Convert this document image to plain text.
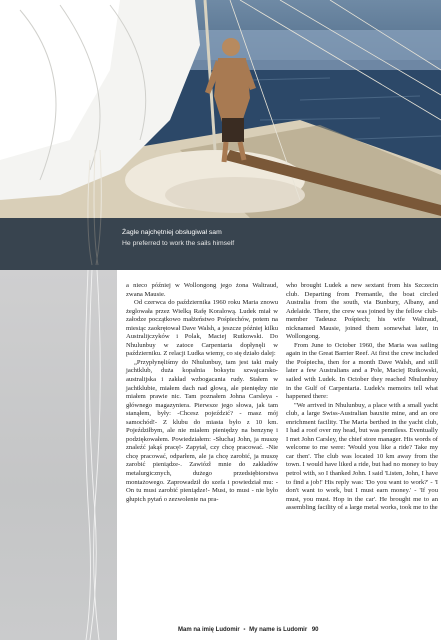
Żagle najchętniej obsługiwał sam
He preferred to work the sails himself

a nieco później w Wollongong jego żona Waltraud, zwana Mausie.

Od czerwca do października 1960 roku Maria znowu żeglowała przez Wielką Rafę Koralową. Ludek miał w załodze początkowo małżeństwo Pośpiechów, potem na miesiąc zaokrętował Dave Walsh, a jeszcze później kilku Australijczyków i Polak, Maciej Rutkowski. Do Nhulunbuy w zatoce Carpentaria dopłynęli w październiku. Z relacji Ludka wiemy, co się działo dalej:

„Przypłynęliśmy do Nhulunbuy, tam jest taki mały jachtklub, duża kopalnia boksytu szwajcarsko-australijska i zakład wzbogacania rudy. Stałem w jachtklubie, miałem dach nad głową, ale pieniędzy nie miałem prawie nic. Tam poznałem Johna Carsleya - głównego magazyniera. Pierwsze jego słowa, jak tam stanąłem, były: -Chcesz pojeździć? - masz mój samochód!- Z klubu do miasta było z 10 km. Pojeździłbym, ale nie miałem pieniędzy na benzynę i podziękowałem. Powiedziałem: -Słuchaj John, ja muszę znaleźć jakąś pracę!- Zapytał, czy chcę pracować. -Nie chcę pracować, odparłem, ale ja chcę zarobić, ja muszę zarobić pieniądze-. Zawiózł mnie do zakładów metalurgicznych, dużego przedsiębiorstwa montażowego. Zaprowadził do szefa i powiedział mu: -On tu musi zarobić pieniądze!- Musi, to musi - nie było głupich pytań o zezwolenie na pra-

who brought Ludek a new sextant from his Szczecin club. Departing from Fremantle, the boat circled Australia from the south, via Bunbury, Albany, and Adelaide. There, the crew was joined by the fellow club-member Tadeusz Pośpiech; his wife Waltraud, nicknamed Mausie, joined them somewhat later, in Wollongong.

From June to October 1960, the Maria was sailing again in the Great Barrier Reef. At first the crew included the Pośpiechs, then for a month Dave Walsh, and still later a few Australians and a Pole, Maciej Rutkowski, sailed with Ludek. In October they reached Nhulunbuy in the Gulf of Carpentaria. Ludek's memoirs tell what happened there:

"We arrived in Nhulunbuy, a place with a small yacht club, a large Swiss-Australian bauxite mine, and an ore enrichment facility. The Maria berthed in the yacht club, I had a roof over my head, but was penniless. Eventually I met John Carsley, the chief store manager. His words of welcome to me were: 'Would you like a ride? Take my car then'. The club was located 10 km away from the town. I would have liked a ride, but had no money to buy petrol with, so I thanked John. I said 'Listen, John, I have to find a job!' His reply was: 'Do you want to work?' - 'I don't want to work, but I must earn money.' - 'If you must, you must. Hop in the car'. He brought me to an assembling facility of a large metal works, took me to the

Mam na imię Ludomir • My name is Ludomir 90
